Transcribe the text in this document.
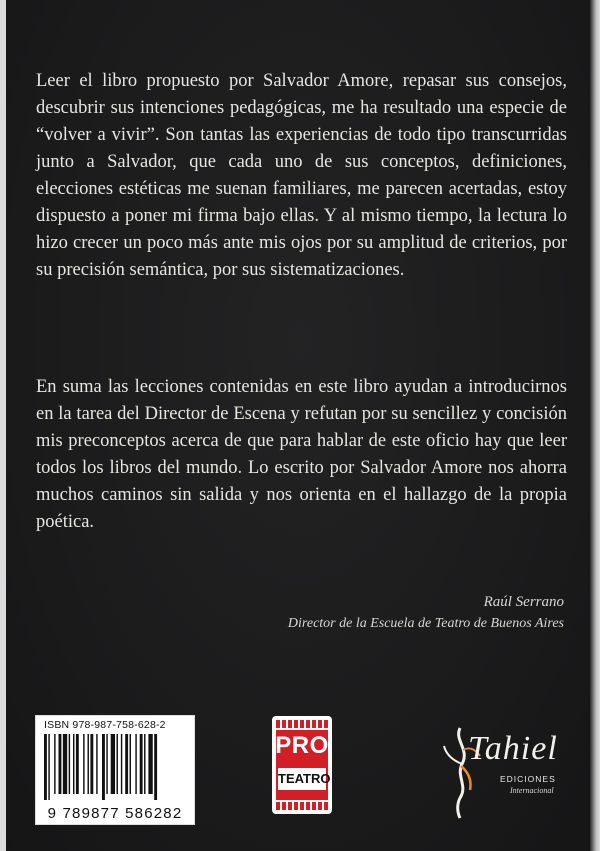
Leer el libro propuesto por Salvador Amore, repasar sus consejos, descubrir sus intenciones pedagógicas, me ha resultado una especie de “volver a vivir”. Son tantas las experiencias de todo tipo transcurridas junto a Salvador, que cada uno de sus conceptos, definiciones, elecciones estéticas me suenan familiares, me parecen acertadas, estoy dispuesto a poner mi firma bajo ellas. Y al mismo tiempo, la lectura lo hizo crecer un poco más ante mis ojos por su amplitud de criterios, por su precisión semántica, por sus sistematizaciones.

En suma las lecciones contenidas en este libro ayudan a introducirnos en la tarea del Director de Escena y refutan por su sencillez y concisión mis preconceptos acerca de que para hablar de este oficio hay que leer todos los libros del mundo. Lo escrito por Salvador Amore nos ahorra muchos caminos sin salida y nos orienta en el hallazgo de la propia poética.

Raúl Serrano
Director de la Escuela de Teatro de Buenos Aires
ISBN 978-987-758-628-2
9 789877 586282
PRO
TEATRO
Tahiel
EDICIONES
Internacional
